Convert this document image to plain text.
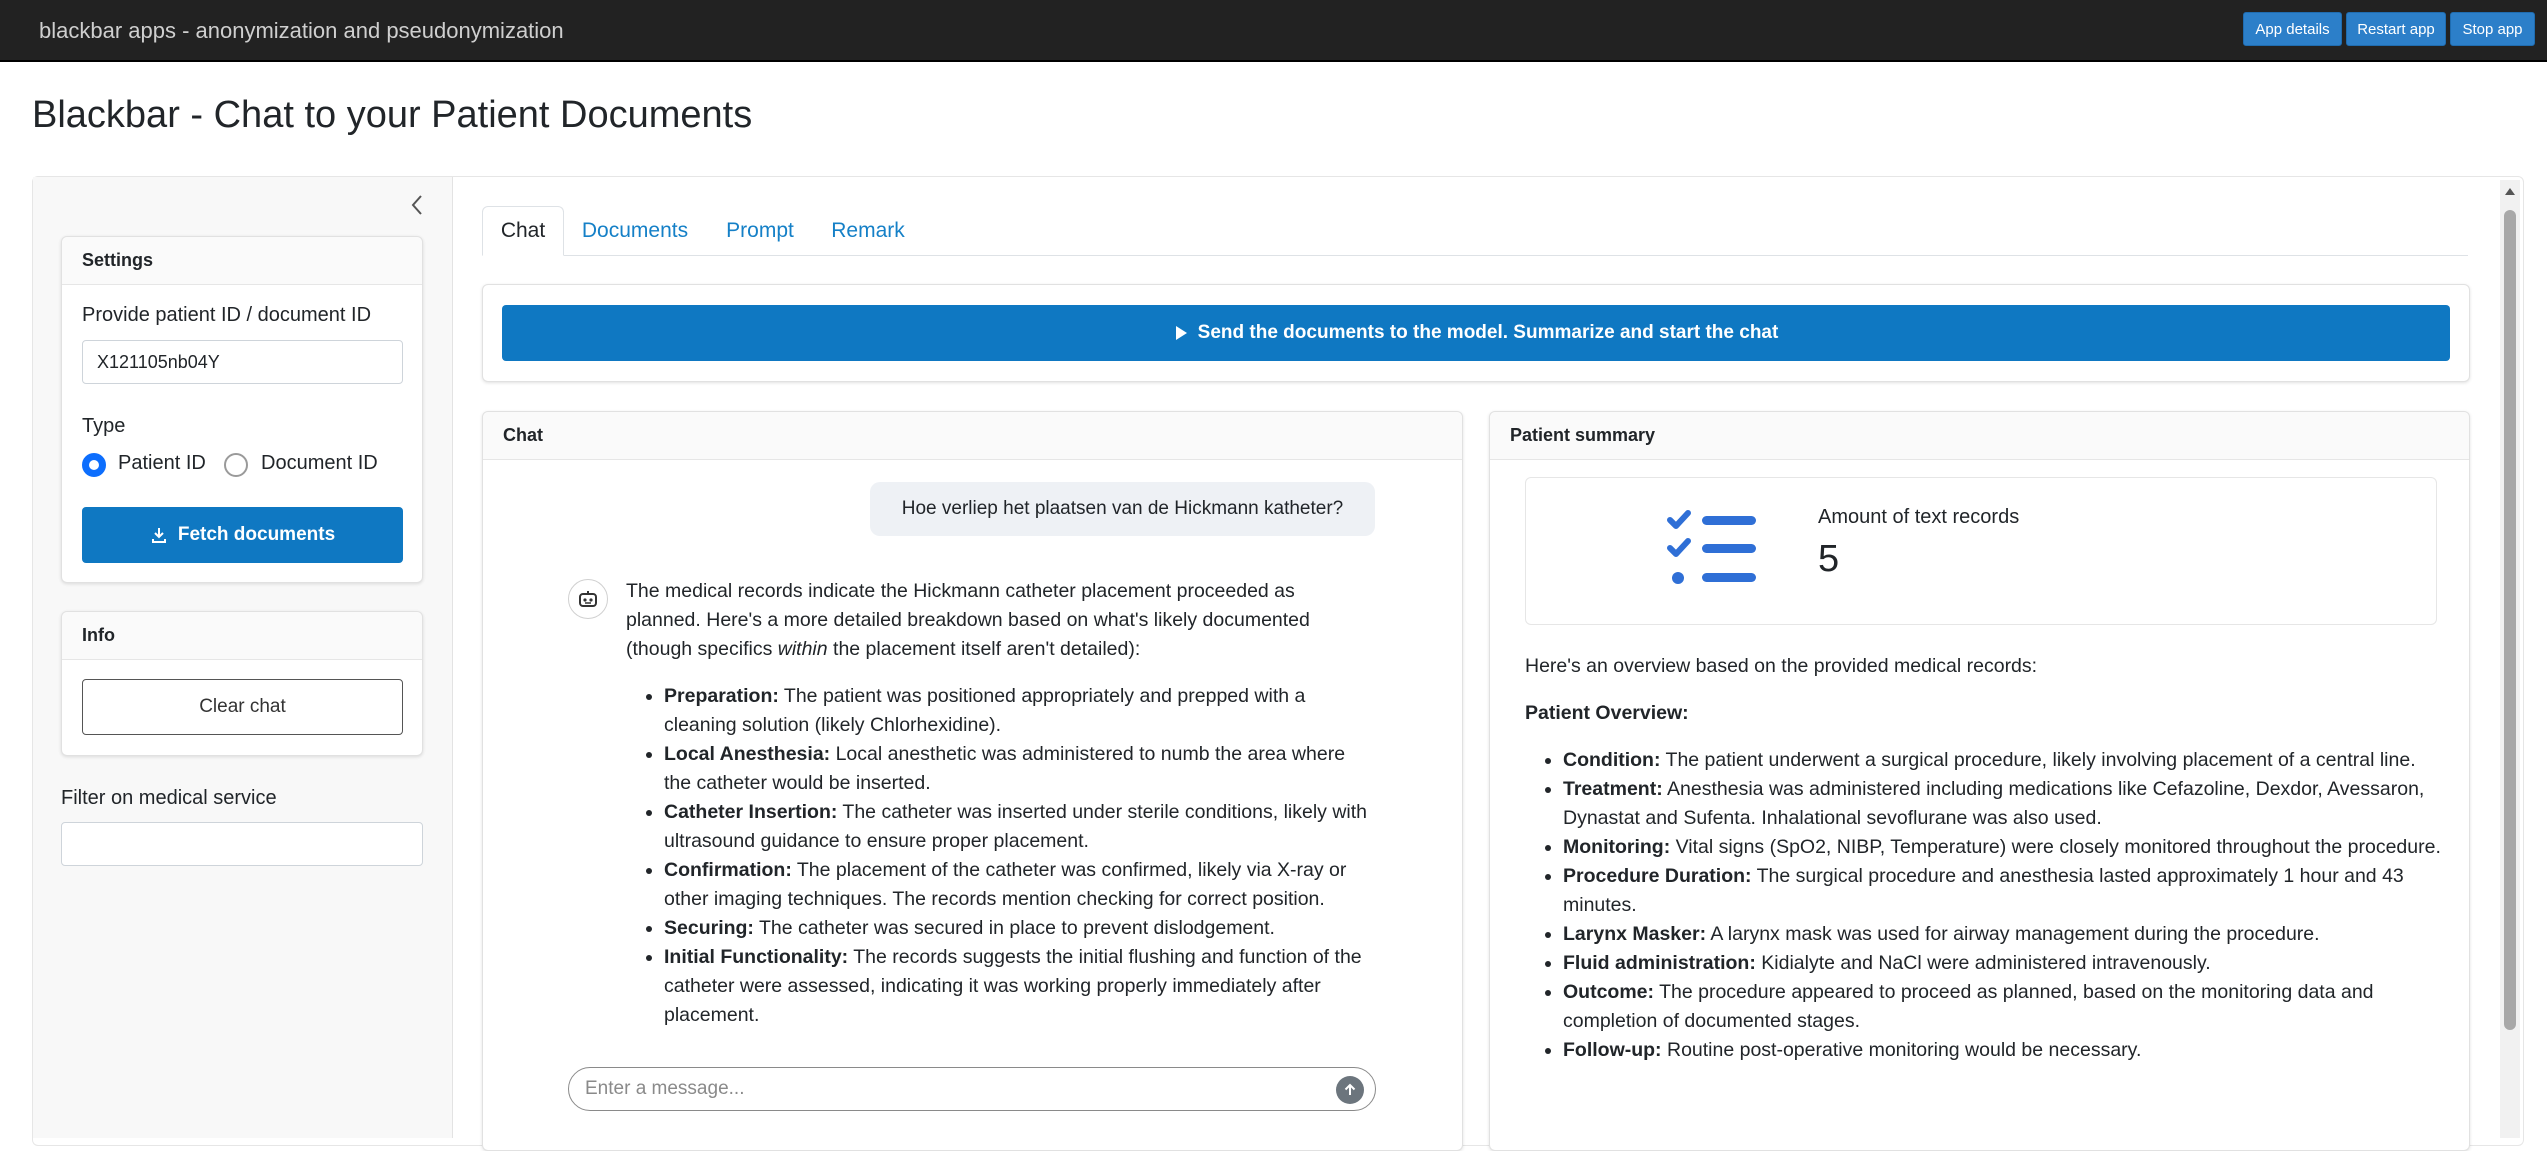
blackbar apps - anonymization and pseudonymization	App details	Restart app	Stop app
Blackbar - Chat to your Patient Documents
Settings
Provide patient ID / document ID
X121105nb04Y
Type
Patient ID	Document ID
Fetch documents
Info
Clear chat
Filter on medical service
Chat	Documents	Prompt	Remark
Send the documents to the model. Summarize and start the chat
Chat
Hoe verliep het plaatsen van de Hickmann katheter?
The medical records indicate the Hickmann catheter placement proceeded as planned. Here's a more detailed breakdown based on what's likely documented (though specifics within the placement itself aren't detailed):
• Preparation: The patient was positioned appropriately and prepped with a cleaning solution (likely Chlorhexidine).
• Local Anesthesia: Local anesthetic was administered to numb the area where the catheter would be inserted.
• Catheter Insertion: The catheter was inserted under sterile conditions, likely with ultrasound guidance to ensure proper placement.
• Confirmation: The placement of the catheter was confirmed, likely via X-ray or other imaging techniques. The records mention checking for correct position.
• Securing: The catheter was secured in place to prevent dislodgement.
• Initial Functionality: The records suggests the initial flushing and function of the catheter were assessed, indicating it was working properly immediately after placement.
Enter a message...
Patient summary
Amount of text records
5
Here's an overview based on the provided medical records:
Patient Overview:
• Condition: The patient underwent a surgical procedure, likely involving placement of a central line.
• Treatment: Anesthesia was administered including medications like Cefazoline, Dexdor, Avessaron, Dynastat and Sufenta. Inhalational sevoflurane was also used.
• Monitoring: Vital signs (SpO2, NIBP, Temperature) were closely monitored throughout the procedure.
• Procedure Duration: The surgical procedure and anesthesia lasted approximately 1 hour and 43 minutes.
• Larynx Masker: A larynx mask was used for airway management during the procedure.
• Fluid administration: Kidialyte and NaCl were administered intravenously.
• Outcome: The procedure appeared to proceed as planned, based on the monitoring data and completion of documented stages.
• Follow-up: Routine post-operative monitoring would be necessary.
